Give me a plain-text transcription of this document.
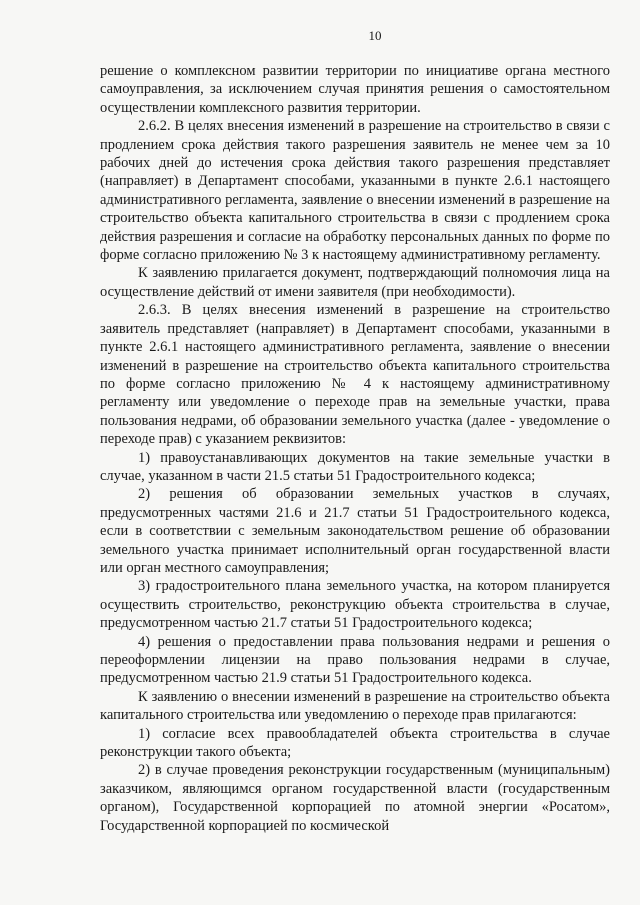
10

решение о комплексном развитии территории по инициативе органа местного самоуправления, за исключением случая принятия решения о самостоятельном осуществлении комплексного развития территории.

2.6.2. В целях внесения изменений в разрешение на строительство в связи с продлением срока действия такого разрешения заявитель не менее чем за 10 рабочих дней до истечения срока действия такого разрешения представляет (направляет) в Департамент способами, указанными в пункте 2.6.1 настоящего административного регламента, заявление о внесении изменений в разрешение на строительство объекта капитального строительства в связи с продлением срока действия разрешения и согласие на обработку персональных данных по форме по форме согласно приложению № 3 к настоящему административному регламенту.

К заявлению прилагается документ, подтверждающий полномочия лица на осуществление действий от имени заявителя (при необходимости).

2.6.3. В целях внесения изменений в разрешение на строительство заявитель представляет (направляет) в Департамент способами, указанными в пункте 2.6.1 настоящего административного регламента, заявление о внесении изменений в разрешение на строительство объекта капитального строительства по форме согласно приложению № 4 к настоящему административному регламенту или уведомление о переходе прав на земельные участки, права пользования недрами, об образовании земельного участка (далее - уведомление о переходе прав) с указанием реквизитов:

1) правоустанавливающих документов на такие земельные участки в случае, указанном в части 21.5 статьи 51 Градостроительного кодекса;

2) решения об образовании земельных участков в случаях, предусмотренных частями 21.6 и 21.7 статьи 51 Градостроительного кодекса, если в соответствии с земельным законодательством решение об образовании земельного участка принимает исполнительный орган государственной власти или орган местного самоуправления;

3) градостроительного плана земельного участка, на котором планируется осуществить строительство, реконструкцию объекта строительства в случае, предусмотренном частью 21.7 статьи 51 Градостроительного кодекса;

4) решения о предоставлении права пользования недрами и решения о переоформлении лицензии на право пользования недрами в случае, предусмотренном частью 21.9 статьи 51 Градостроительного кодекса.

К заявлению о внесении изменений в разрешение на строительство объекта капитального строительства или уведомлению о переходе прав прилагаются:

1) согласие всех правообладателей объекта строительства в случае реконструкции такого объекта;

2) в случае проведения реконструкции государственным (муниципальным) заказчиком, являющимся органом государственной власти (государственным органом), Государственной корпорацией по атомной энергии «Росатом», Государственной корпорацией по космической
